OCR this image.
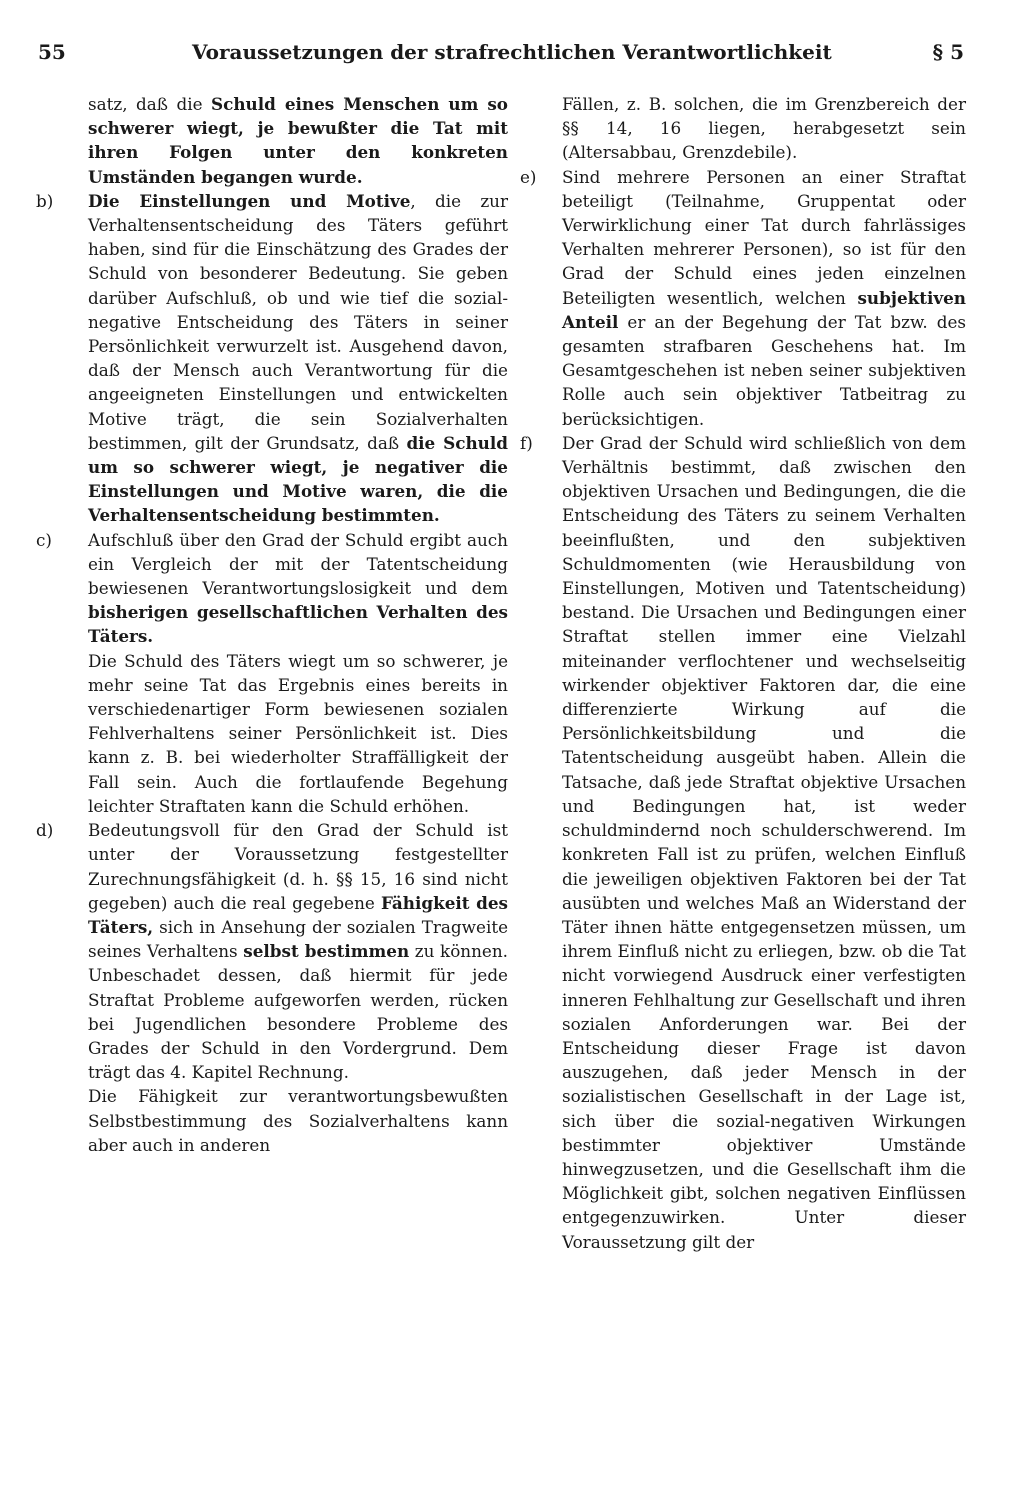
55	Voraussetzungen der strafrechtlichen Verantwortlichkeit	§ 5

satz, daß die Schuld eines Menschen um so schwerer wiegt, je bewußter die Tat mit ihren Folgen unter den konkreten Umständen begangen wurde.

b) Die Einstellungen und Motive, die zur Verhaltensentscheidung des Täters geführt haben, sind für die Einschätzung des Grades der Schuld von besonderer Bedeutung. Sie geben darüber Aufschluß, ob und wie tief die sozial-negative Entscheidung des Täters in seiner Persönlichkeit verwurzelt ist. Ausgehend davon, daß der Mensch auch Verantwortung für die angeeigneten Einstellungen und entwickelten Motive trägt, die sein Sozialverhalten bestimmen, gilt der Grundsatz, daß die Schuld um so schwerer wiegt, je negativer die Einstellungen und Motive waren, die die Verhaltensentscheidung bestimmten.

c) Aufschluß über den Grad der Schuld ergibt auch ein Vergleich der mit der Tatentscheidung bewiesenen Verantwortungslosigkeit und dem bisherigen gesellschaftlichen Verhalten des Täters.

Die Schuld des Täters wiegt um so schwerer, je mehr seine Tat das Ergebnis eines bereits in verschiedenartiger Form bewiesenen sozialen Fehlverhaltens seiner Persönlichkeit ist. Dies kann z. B. bei wiederholter Straffälligkeit der Fall sein. Auch die fortlaufende Begehung leichter Straftaten kann die Schuld erhöhen.

d) Bedeutungsvoll für den Grad der Schuld ist unter der Voraussetzung festgestellter Zurechnungsfähigkeit (d. h. §§ 15, 16 sind nicht gegeben) auch die real gegebene Fähigkeit des Täters, sich in Ansehung der sozialen Tragweite seines Verhaltens selbst bestimmen zu können. Unbeschadet dessen, daß hiermit für jede Straftat Probleme aufgeworfen werden, rücken bei Jugendlichen besondere Probleme des Grades der Schuld in den Vordergrund. Dem trägt das 4. Kapitel Rechnung.

Die Fähigkeit zur verantwortungsbewußten Selbstbestimmung des Sozialverhaltens kann aber auch in anderen

Fällen, z. B. solchen, die im Grenzbereich der §§ 14, 16 liegen, herabgesetzt sein (Altersabbau, Grenzdebile).

e) Sind mehrere Personen an einer Straftat beteiligt (Teilnahme, Gruppentat oder Verwirklichung einer Tat durch fahrlässiges Verhalten mehrerer Personen), so ist für den Grad der Schuld eines jeden einzelnen Beteiligten wesentlich, welchen subjektiven Anteil er an der Begehung der Tat bzw. des gesamten strafbaren Geschehens hat. Im Gesamtgeschehen ist neben seiner subjektiven Rolle auch sein objektiver Tatbeitrag zu berücksichtigen.

f) Der Grad der Schuld wird schließlich von dem Verhältnis bestimmt, daß zwischen den objektiven Ursachen und Bedingungen, die die Entscheidung des Täters zu seinem Verhalten beeinflußten, und den subjektiven Schuldmomenten (wie Herausbildung von Einstellungen, Motiven und Tatentscheidung) bestand. Die Ursachen und Bedingungen einer Straftat stellen immer eine Vielzahl miteinander verflochtener und wechselseitig wirkender objektiver Faktoren dar, die eine differenzierte Wirkung auf die Persönlichkeitsbildung und die Tatentscheidung ausgeübt haben. Allein die Tatsache, daß jede Straftat objektive Ursachen und Bedingungen hat, ist weder schuldmindernd noch schulderschwerend. Im konkreten Fall ist zu prüfen, welchen Einfluß die jeweiligen objektiven Faktoren bei der Tat ausübten und welches Maß an Widerstand der Täter ihnen hätte entgegensetzen müssen, um ihrem Einfluß nicht zu erliegen, bzw. ob die Tat nicht vorwiegend Ausdruck einer verfestigten inneren Fehlhaltung zur Gesellschaft und ihren sozialen Anforderungen war. Bei der Entscheidung dieser Frage ist davon auszugehen, daß jeder Mensch in der sozialistischen Gesellschaft in der Lage ist, sich über die sozial-negativen Wirkungen bestimmter objektiver Umstände hinwegzusetzen, und die Gesellschaft ihm die Möglichkeit gibt, solchen negativen Einflüssen entgegenzuwirken. Unter dieser Voraussetzung gilt der
